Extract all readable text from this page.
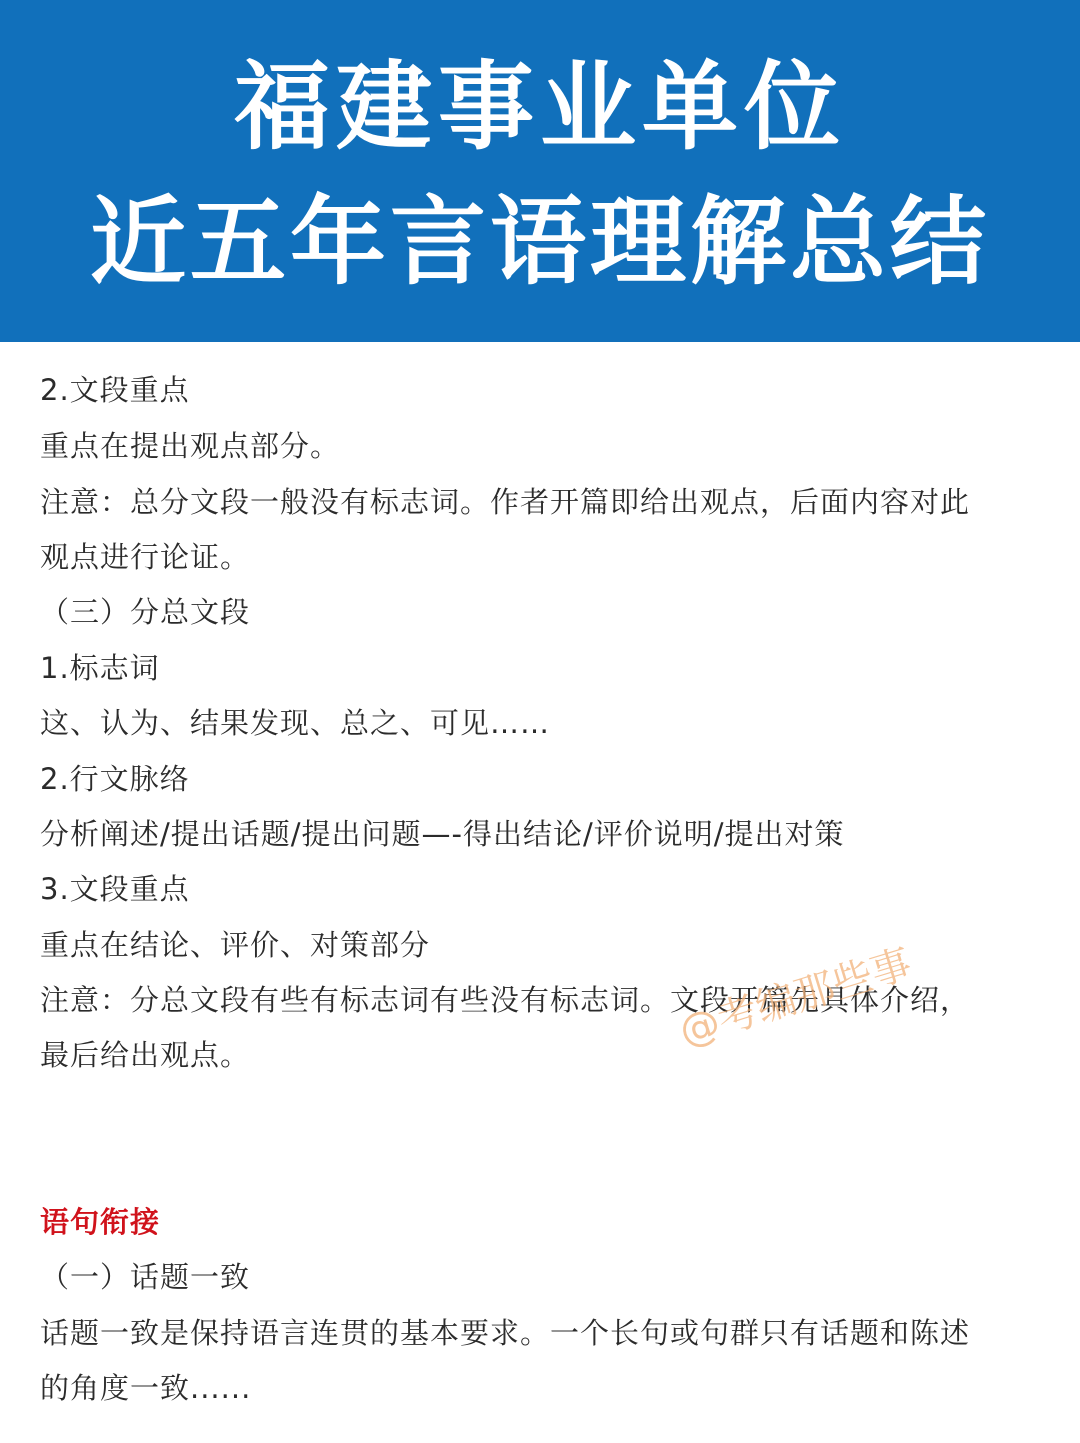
福建事业单位
近五年言语理解总结
2.文段重点
重点在提出观点部分。
注意：总分文段一般没有标志词。作者开篇即给出观点，后面内容对此
观点进行论证。
（三）分总文段
1.标志词
这、认为、结果发现、总之、可见……
2.行文脉络
分析阐述/提出话题/提出问题—-得出结论/评价说明/提出对策
3.文段重点
重点在结论、评价、对策部分
注意：分总文段有些有标志词有些没有标志词。文段开篇先具体介绍，
最后给出观点。
语句衔接
（一）话题一致
话题一致是保持语言连贯的基本要求。一个长句或句群只有话题和陈述
的角度一致......
@考编那些事
